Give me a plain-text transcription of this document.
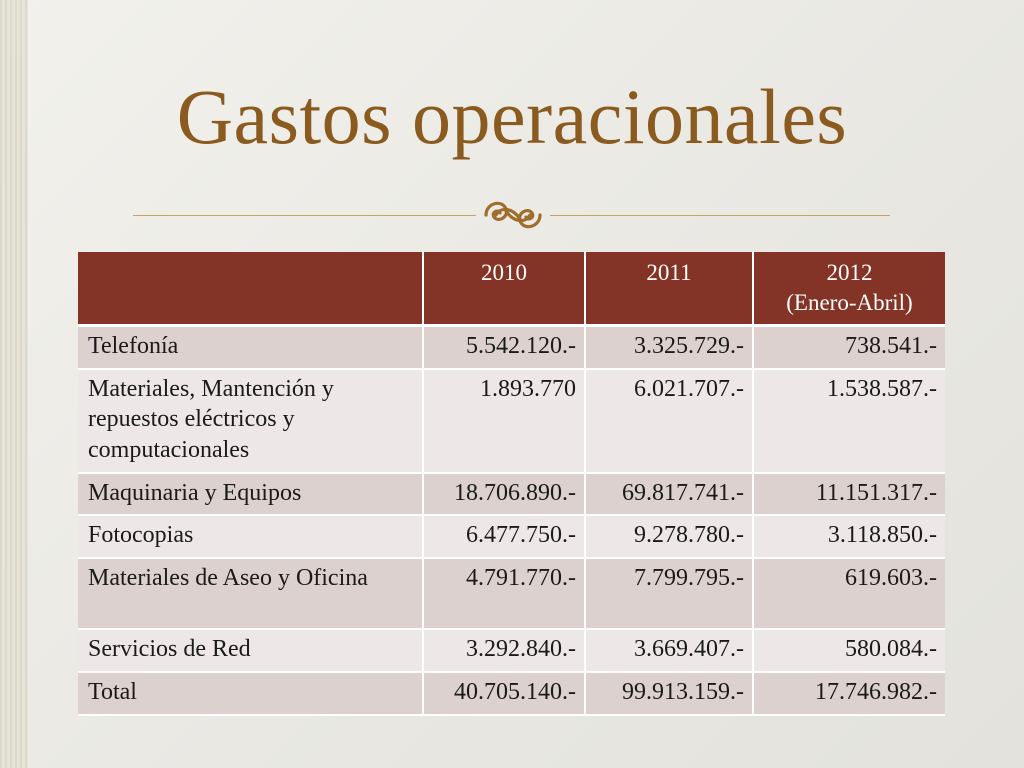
Gastos operacionales
	2010	2011	2012
(Enero-Abril)

Telefonía	5.542.120.-	3.325.729.-	738.541.-
Materiales, Mantención y repuestos eléctricos y computacionales	1.893.770	6.021.707.-	1.538.587.-
Maquinaria y Equipos	18.706.890.-	69.817.741.-	11.151.317.-
Fotocopias	6.477.750.-	9.278.780.-	3.118.850.-
Materiales de Aseo y Oficina	4.791.770.-	7.799.795.-	619.603.-
Servicios de Red	3.292.840.-	3.669.407.-	580.084.-
Total	40.705.140.-	99.913.159.-	17.746.982.-
